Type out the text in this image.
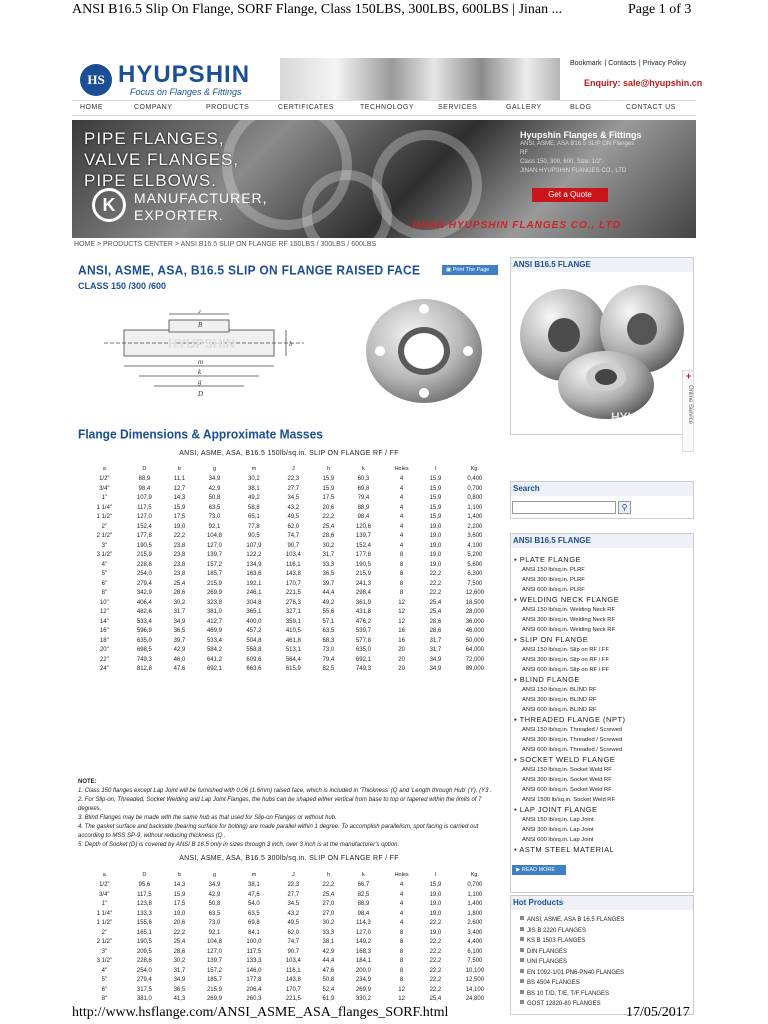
ANSI B16.5 Slip On Flange, SORF Flange, Class 150LBS, 300LBS, 600LBS | Jinan ...	Page 1 of 3
HS HYUPSHIN
Focus on Flanges & Fittings
Bookmark | Contacts | Privacy Policy
Enquiry: sale@hyupshin.cn
HOME	COMPANY	PRODUCTS	CERTIFICATES	TECHNOLOGY	SERVICES	GALLERY	BLOG	CONTACT US
PIPE FLANGES,
VALVE FLANGES,
PIPE ELBOWS.
K	MANUFACTURER,
EXPORTER.
Hyupshin Flanges & Fittings
ANSI, ASME, ASA B16.5 SLIP ON Flanges
RF
Class 150, 300, 600, Size: 1/2"-
JINAN HYUPSHIN FLANGES CO., LTD
Get a Quote
JINAN HYUPSHIN FLANGES CO., LTD
HOME > PRODUCTS CENTER > ANSI B16.5 SLIP ON FLANGE RF 150LBS / 300LBS / 600LBS
ANSI, ASME, ASA, B16.5 SLIP ON FLANGE RAISED FACE
CLASS 150 /300 /600
▣ Print The Page
HYUPSHIN
J
B
k
g
D
b
m
Flange Dimensions & Approximate Masses
ANSI, ASME, ASA, B16.5 150lb/sq.in. SLIP ON FLANGE RF / FF
a	D	b	g	m	J	h	k	Holes	l	Kg.
1/2"	88,9	11,1	34,9	30,2	22,3	15,9	60,3	4	15,9	0,400
3/4"	98,4	12,7	42,9	38,1	27,7	15,9	69,8	4	15,9	0,700
1"	107,9	14,3	50,8	49,2	34,5	17,5	79,4	4	15,9	0,800
1 1/4"	117,5	15,9	63,5	58,8	43,2	20,6	88,9	4	15,9	1,100
1 1/2"	127,0	17,5	73,0	65,1	49,5	22,2	98,4	4	15,9	1,400
2"	152,4	19,0	92,1	77,8	62,0	25,4	120,6	4	19,0	2,200
2 1/2"	177,8	22,2	104,8	90,5	74,7	28,6	139,7	4	19,0	3,600
3"	190,5	23,8	127,0	107,9	90,7	30,2	152,4	4	19,0	4,100
3 1/2"	215,9	23,8	139,7	122,2	103,4	31,7	177,8	8	19,0	5,200
4"	228,6	23,8	157,2	134,9	116,1	33,3	190,5	8	19,0	5,600
5"	254,0	23,8	185,7	163,6	143,8	36,5	215,9	8	22,2	6,300
6"	279,4	25,4	215,9	192,1	170,7	39,7	241,3	8	22,2	7,500
8"	342,9	28,6	269,9	246,1	221,5	44,4	298,4	8	22,2	12,600
10"	406,4	30,2	323,8	304,8	276,3	49,2	361,9	12	25,4	18,500
12"	482,6	31,7	381,0	365,1	327,1	55,6	431,8	12	25,4	28,000
14"	533,4	34,9	412,7	400,0	359,1	57,1	476,2	12	28,6	36,000
16"	596,9	36,5	469,9	457,2	410,5	63,5	539,7	16	28,6	46,000
18"	635,0	39,7	533,4	504,8	461,8	68,3	577,8	16	31,7	50,000
20"	698,5	42,9	584,2	558,8	513,1	73,0	635,0	20	31,7	64,000
22"	749,3	46,0	641,2	609,6	564,4	79,4	692,1	20	34,9	72,000
24"	812,8	47,6	692,1	663,6	615,9	82,5	749,3	20	34,9	89,000
NOTE:
1. Class 150 flanges except Lap Joint will be furnished with 0.06 (1.6mm) raised face, which is included in 'Thickness' (Q and 'Length through Hub' (Y), (Y3 .
2. For Slip-on, Threaded, Socket Welding and Lap Joint Flanges, the hubs can be shaped either vertical from base to top or tapered within the limits of 7 degrees.
3. Blind Flanges may be made with the same hub as that used for Slip-on Flanges or without hub.
4. The gasket surface and backside (bearing surface for bolting) are made parallel within 1 degree. To accomplish parallelism, spot facing is carried out according to MSS SP-9, without reducing thickness (Q .
5. Depth of Socket (D) is covered by ANSI B 16.5 only in sizes through 3 inch, over 3 inch is at the manufacturer's option.
ANSI, ASME, ASA, B16.5 300lb/sq.in. SLIP ON FLANGE RF / FF
a	D	b	g	m	J	h	k	Holes	l	Kg.
1/2"	95,6	14,3	34,9	38,1	22,3	22,2	66,7	4	15,9	0,700
3/4"	117,5	15,9	42,9	47,6	27,7	25,4	82,5	4	19,0	1,100
1"	123,8	17,5	50,8	54,0	34,5	27,0	88,9	4	19,0	1,400
1 1/4"	133,3	19,0	63,5	63,5	43,2	27,0	98,4	4	19,0	1,800
1 1/2"	155,6	20,6	73,0	69,8	49,5	30,2	114,3	4	22,2	2,600
2"	165,1	22,2	92,1	84,1	62,0	33,3	127,0	8	19,0	3,400
2 1/2"	190,5	25,4	104,8	100,0	74,7	38,1	149,2	8	22,2	4,400
3"	209,5	28,6	127,0	117,5	90,7	42,9	168,3	8	22,2	6,100
3 1/2"	228,6	30,2	139,7	133,3	103,4	44,4	184,1	8	22,2	7,500
4"	254,0	31,7	157,2	146,0	116,1	47,6	200,0	8	22,2	10,100
5"	279,4	34,9	185,7	177,8	143,8	50,8	234,9	8	22,2	12,500
6"	317,5	36,5	215,9	206,4	170,7	52,4	269,9	12	22,2	14,100
8"	381,0	41,3	269,9	260,3	221,5	61,9	330,2	12	25,4	24,800
ANSI B16.5 FLANGE
HYUPSHIN
+
Online Service
Search
⚲
ANSI B16.5 FLANGE
▪ PLATE FLANGE
ANSI 150 lb/sq.in. PLRF
ANSI 300 lb/sq.in. PLRF
ANSI 600 lb/sq.in. PLRF
▪ WELDING NECK FLANGE
ANSI 150 lb/sq.in. Welding Neck RF
ANSI 300 lb/sq.in. Welding Neck RF
ANSI 600 lb/sq.in. Welding Neck RF
▪ SLIP ON FLANGE
ANSI 150 lb/sq.in. Slip on RF / FF
ANSI 300 lb/sq.in. Slip on RF / FF
ANSI 600 lb/sq.in. Slip on RF / FF
▪ BLIND FLANGE
ANSI 150 lb/sq.in. BLIND RF
ANSI 300 lb/sq.in. BLIND RF
ANSI 600 lb/sq.in. BLIND RF
▪ THREADED FLANGE (NPT)
ANSI 150 lb/sq.in. Threaded / Screwed
ANSI 300 lb/sq.in. Threaded / Screwed
ANSI 600 lb/sq.in. Threaded / Screwed
▪ SOCKET WELD FLANGE
ANSI 150 lb/sq.in. Socket Weld RF
ANSI 300 lb/sq.in. Socket Weld RF
ANSI 600 lb/sq.in. Socket Weld RF
ANSI 1500 lb/sq.in. Socket Weld RF
▪ LAP JOINT FLANGE
ANSI 150 lb/sq.in. Lap Joint
ANSI 300 lb/sq.in. Lap Joint
ANSI 600 lb/sq.in. Lap Joint
▪ ASTM STEEL MATERIAL
▶ READ MORE
Hot Products
ANSI, ASME, ASA B 16.5 FLANGES
JIS B 2220 FLANGES
KS B 1503 FLANGES
DIN FLANGES
UNI FLANGES
EN 1092-1/01 PN6-PN40 FLANGES
BS 4504 FLANGES
BS 10 T/D, T/E, T/F FLANGES
GOST 12820-80 FLANGES
http://www.hsflange.com/ANSI_ASME_ASA_flanges_SORF.html	17/05/2017
